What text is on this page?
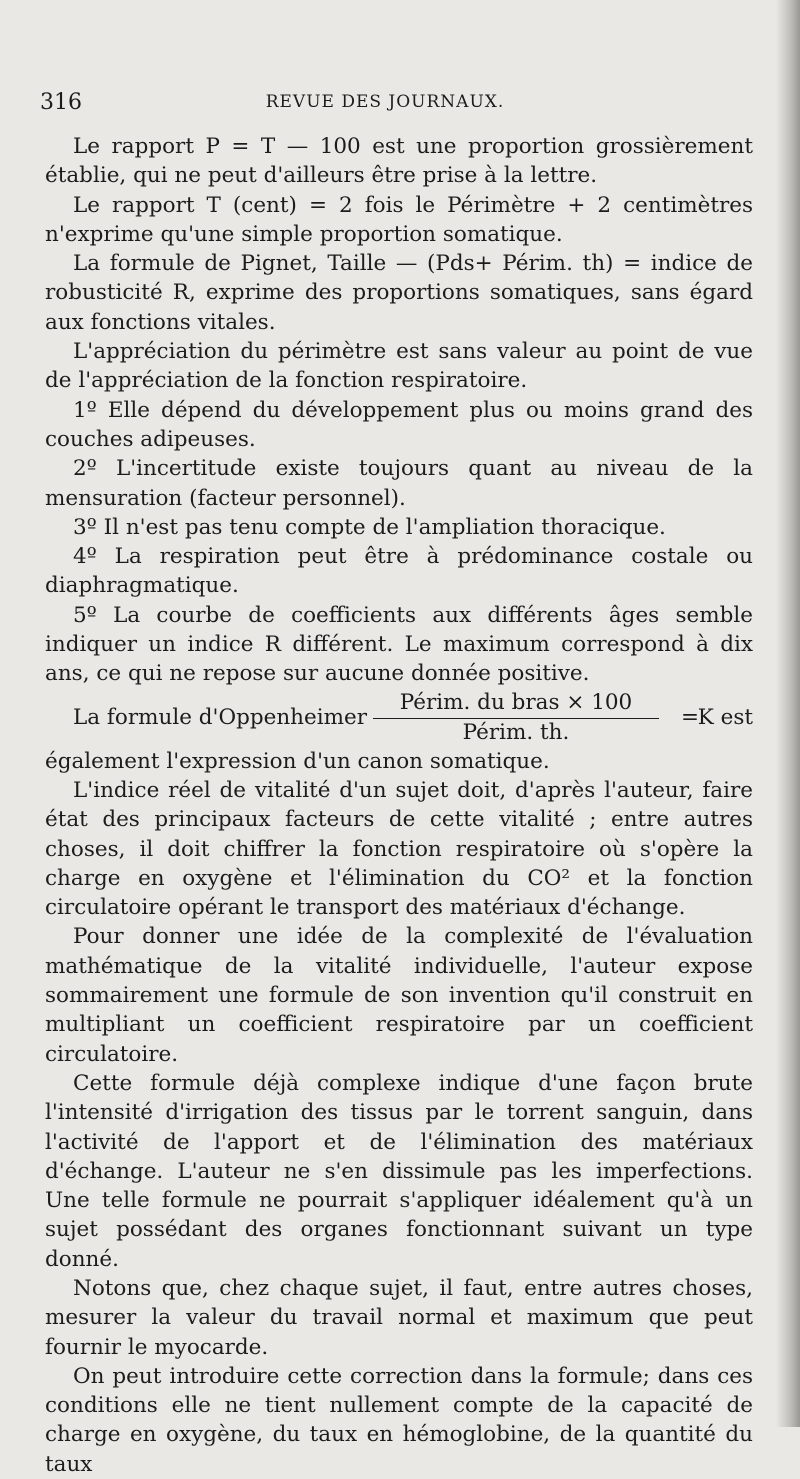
316	REVUE DES JOURNAUX.

Le rapport P = T — 100 est une proportion grossièrement établie, qui ne peut d'ailleurs être prise à la lettre.

Le rapport T (cent) = 2 fois le Périmètre + 2 centimètres n'exprime qu'une simple proportion somatique.

La formule de Pignet, Taille — (Pds+ Périm. th) = indice de robusticité R, exprime des proportions somatiques, sans égard aux fonctions vitales.

L'appréciation du périmètre est sans valeur au point de vue de l'appréciation de la fonction respiratoire.

1º Elle dépend du développement plus ou moins grand des couches adipeuses.

2º L'incertitude existe toujours quant au niveau de la mensuration (facteur personnel).

3º Il n'est pas tenu compte de l'ampliation thoracique.

4º La respiration peut être à prédominance costale ou diaphragmatique.

5º La courbe de coefficients aux différents âges semble indiquer un indice R différent. Le maximum correspond à dix ans, ce qui ne repose sur aucune donnée positive.

La formule d'Oppenheimer
Périm. du bras × 100
Périm. th.
=
K est

également l'expression d'un canon somatique.

L'indice réel de vitalité d'un sujet doit, d'après l'auteur, faire état des principaux facteurs de cette vitalité ; entre autres choses, il doit chiffrer la fonction respiratoire où s'opère la charge en oxygène et l'élimination du CO² et la fonction circulatoire opérant le transport des matériaux d'échange.

Pour donner une idée de la complexité de l'évaluation mathématique de la vitalité individuelle, l'auteur expose sommairement une formule de son invention qu'il construit en multipliant un coefficient respiratoire par un coefficient circulatoire.

Cette formule déjà complexe indique d'une façon brute l'intensité d'irrigation des tissus par le torrent sanguin, dans l'activité de l'apport et de l'élimination des matériaux d'échange. L'auteur ne s'en dissimule pas les imperfections. Une telle formule ne pourrait s'appliquer idéalement qu'à un sujet possédant des organes fonctionnant suivant un type donné.

Notons que, chez chaque sujet, il faut, entre autres choses, mesurer la valeur du travail normal et maximum que peut fournir le myocarde.

On peut introduire cette correction dans la formule; dans ces conditions elle ne tient nullement compte de la capacité de charge en oxygène, du taux en hémoglobine, de la quantité du taux
